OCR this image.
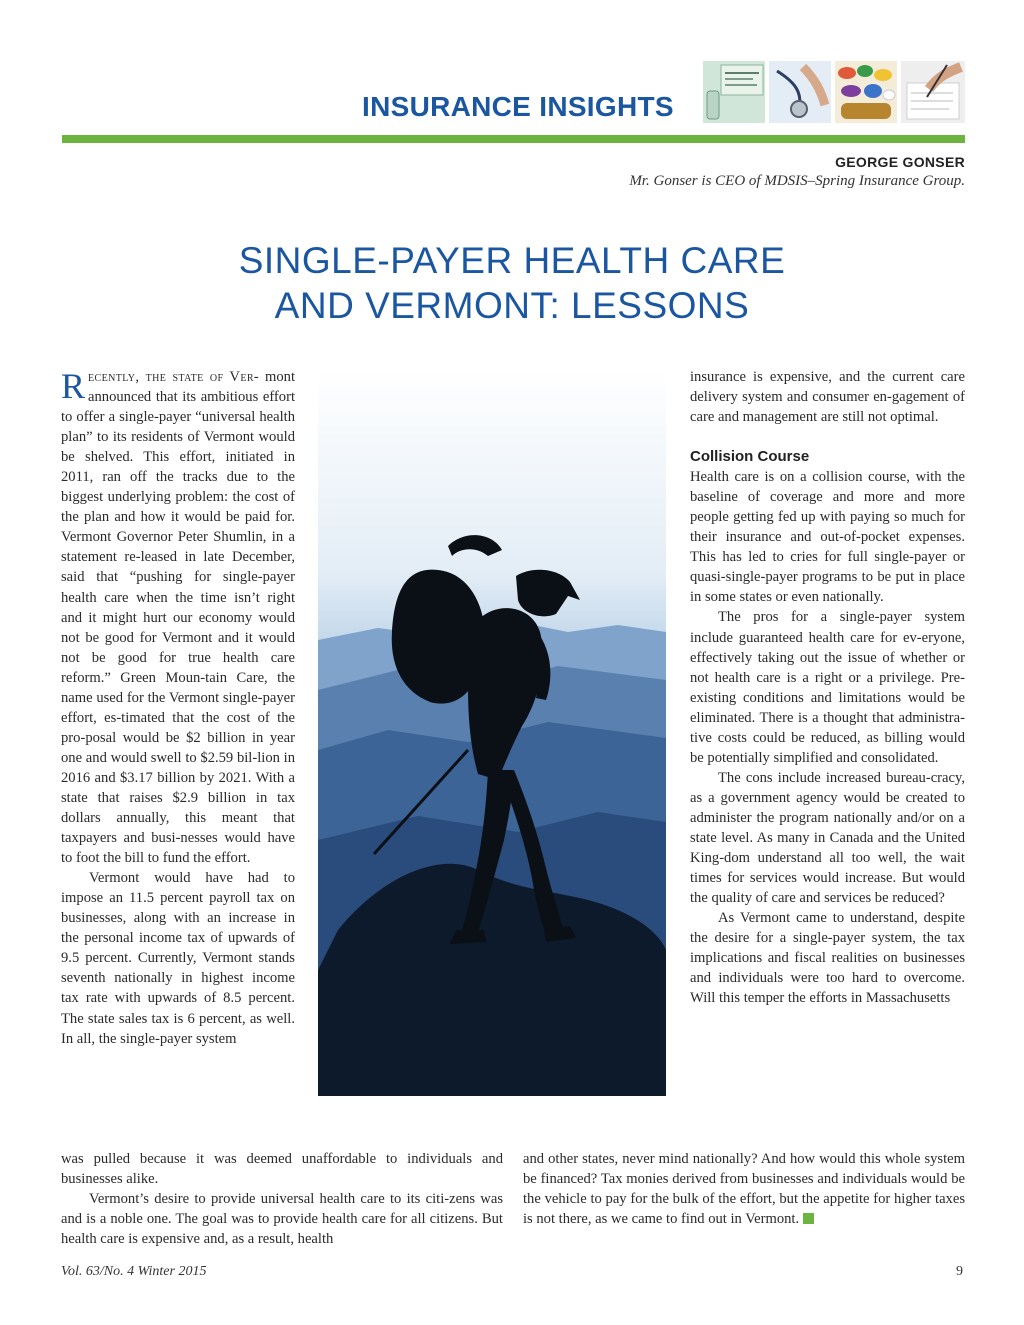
INSURANCE INSIGHTS
GEORGE GONSER
Mr. Gonser is CEO of MDSIS–Spring Insurance Group.
SINGLE-PAYER HEALTH CARE
AND VERMONT: LESSONS

Recently, the state of Ver- mont announced that its ambitious effort to offer a single-payer “universal health plan” to its residents of Vermont would be shelved. This effort, initiated in 2011, ran off the tracks due to the biggest underlying problem: the cost of the plan and how it would be paid for. Vermont Governor Peter Shumlin, in a statement re-leased in late December, said that “pushing for single-payer health care when the time isn’t right and it might hurt our economy would not be good for Vermont and it would not be good for true health care reform.” Green Moun-tain Care, the name used for the Vermont single-payer effort, es-timated that the cost of the pro-posal would be $2 billion in year one and would swell to $2.59 bil-lion in 2016 and $3.17 billion by 2021. With a state that raises $2.9 billion in tax dollars annually, this meant that taxpayers and busi-nesses would have to foot the bill to fund the effort.

Vermont would have had to impose an 11.5 percent payroll tax on businesses, along with an increase in the personal income tax of upwards of 9.5 percent. Currently, Vermont stands seventh nationally in highest income tax rate with upwards of 8.5 percent. The state sales tax is 6 percent, as well. In all, the single-payer system

insurance is expensive, and the current care delivery system and consumer en-gagement of care and management are still not optimal.

Collision Course

Health care is on a collision course, with the baseline of coverage and more and more people getting fed up with paying so much for their insurance and out-of-pocket expenses. This has led to cries for full single-payer or quasi-single-payer programs to be put in place in some states or even nationally.

The pros for a single-payer system include guaranteed health care for ev-eryone, effectively taking out the issue of whether or not health care is a right or a privilege. Pre-existing conditions and limitations would be eliminated. There is a thought that administra-tive costs could be reduced, as billing would be potentially simplified and consolidated.

The cons include increased bureau-cracy, as a government agency would be created to administer the program nationally and/or on a state level. As many in Canada and the United King-dom understand all too well, the wait times for services would increase. But would the quality of care and services be reduced?

As Vermont came to understand, despite the desire for a single-payer system, the tax implications and fiscal realities on businesses and individuals were too hard to overcome. Will this temper the efforts in Massachusetts

was pulled because it was deemed unaffordable to individuals and businesses alike.

Vermont’s desire to provide universal health care to its citi-zens was and is a noble one. The goal was to provide health care for all citizens. But health care is expensive and, as a result, health

and other states, never mind nationally? And how would this whole system be financed? Tax monies derived from businesses and individuals would be the vehicle to pay for the bulk of the effort, but the appetite for higher taxes is not there, as we came to find out in Vermont.

Vol. 63/No. 4 Winter 2015	9
